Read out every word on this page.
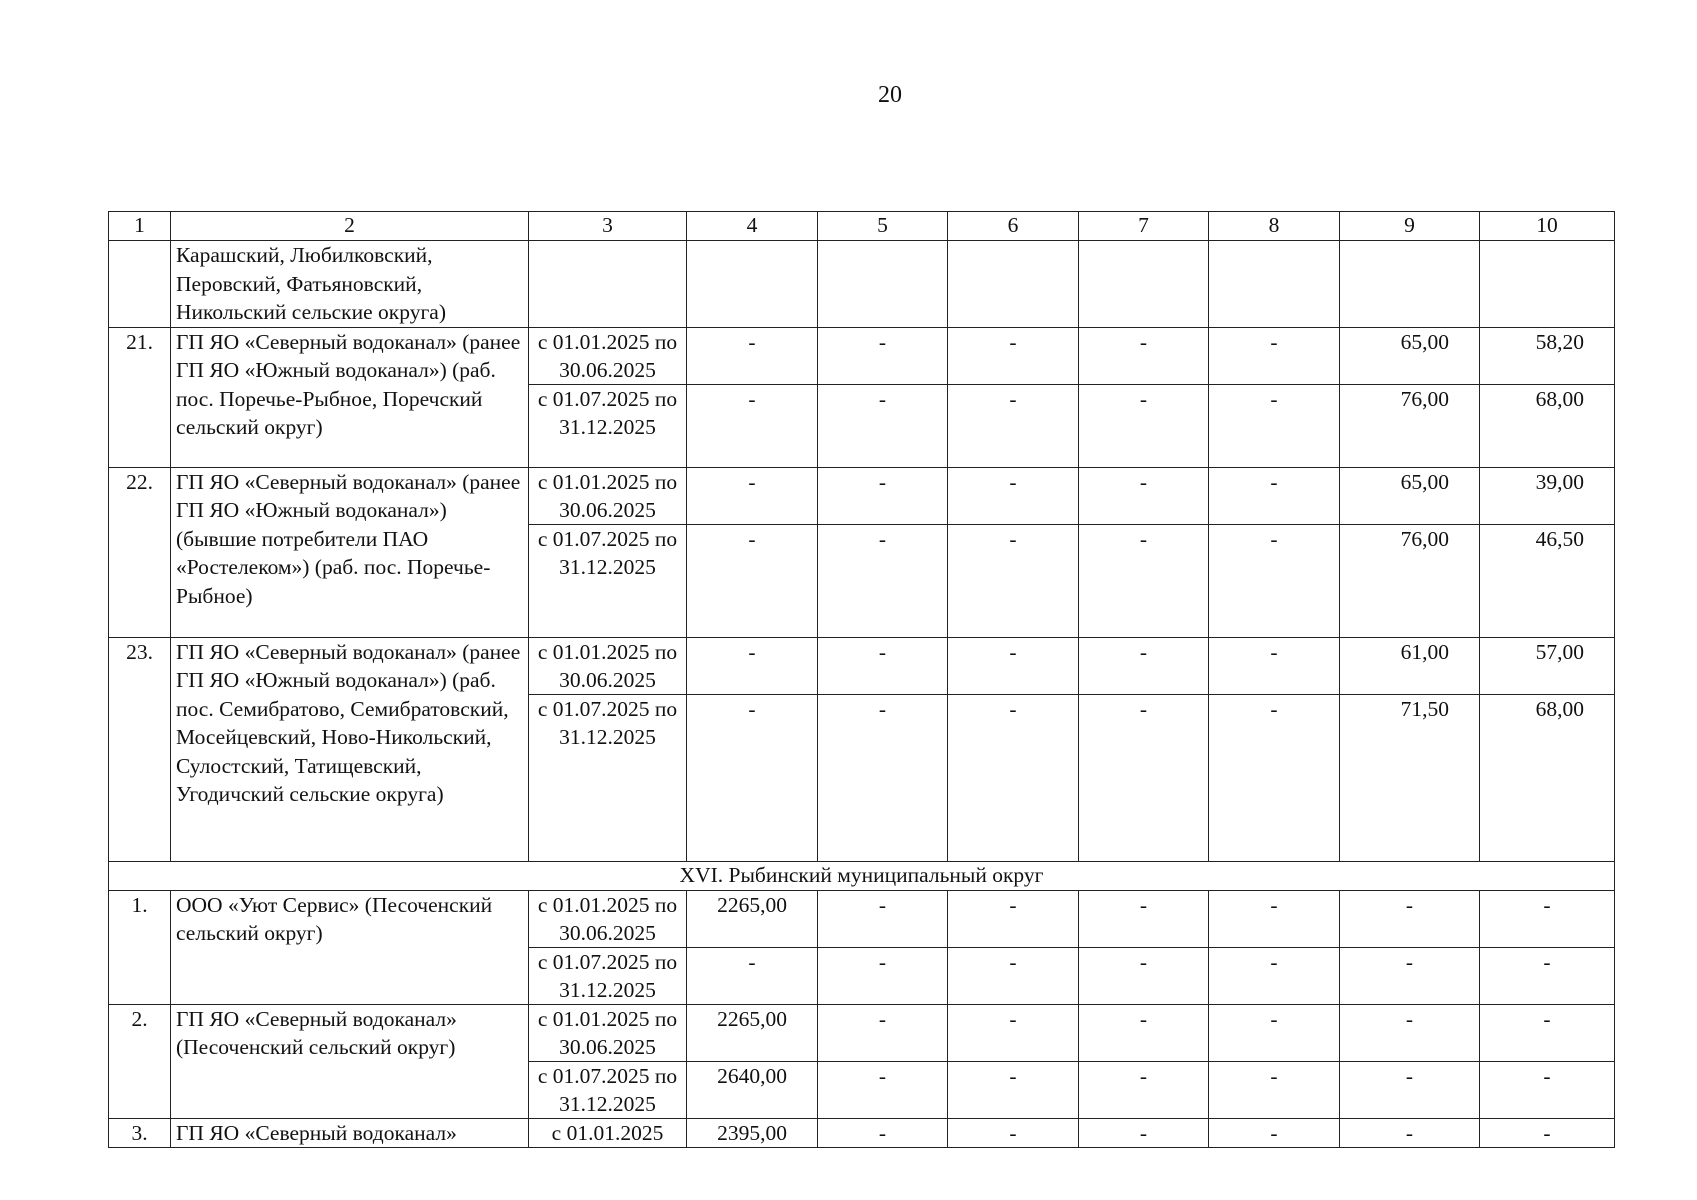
20
1	2	3	4	5	6	7	8	9	10
	Карашский, Любилковский, Перовский, Фатьяновский, Никольский сельские округа)								
21.	ГП ЯО «Северный водоканал» (ранее ГП ЯО «Южный водоканал») (раб. пос. Поречье-Рыбное, Поречский сельский округ)	с 01.01.2025 по 30.06.2025	-	-	-	-	-	65,00	58,20
		с 01.07.2025 по 31.12.2025	-	-	-	-	-	76,00	68,00
22.	ГП ЯО «Северный водоканал» (ранее ГП ЯО «Южный водоканал») (бывшие потребители ПАО «Ростелеком») (раб. пос. Поречье-Рыбное)	с 01.01.2025 по 30.06.2025	-	-	-	-	-	65,00	39,00
		с 01.07.2025 по 31.12.2025	-	-	-	-	-	76,00	46,50
23.	ГП ЯО «Северный водоканал» (ранее ГП ЯО «Южный водоканал») (раб. пос. Семибратово, Семибратовский, Мосейцевский, Ново-Никольский, Сулостский, Татищевский, Угодичский сельские округа)	с 01.01.2025 по 30.06.2025	-	-	-	-	-	61,00	57,00
		с 01.07.2025 по 31.12.2025	-	-	-	-	-	71,50	68,00
XVI. Рыбинский муниципальный округ									
1.	ООО «Уют Сервис» (Песоченский сельский округ)	с 01.01.2025 по 30.06.2025	2265,00	-	-	-	-	-	-
		с 01.07.2025 по 31.12.2025	-	-	-	-	-	-	-
2.	ГП ЯО «Северный водоканал» (Песоченский сельский округ)	с 01.01.2025 по 30.06.2025	2265,00	-	-	-	-	-	-
		с 01.07.2025 по 31.12.2025	2640,00	-	-	-	-	-	-
3.	ГП ЯО «Северный водоканал»	с 01.01.2025	2395,00	-	-	-	-	-	-
